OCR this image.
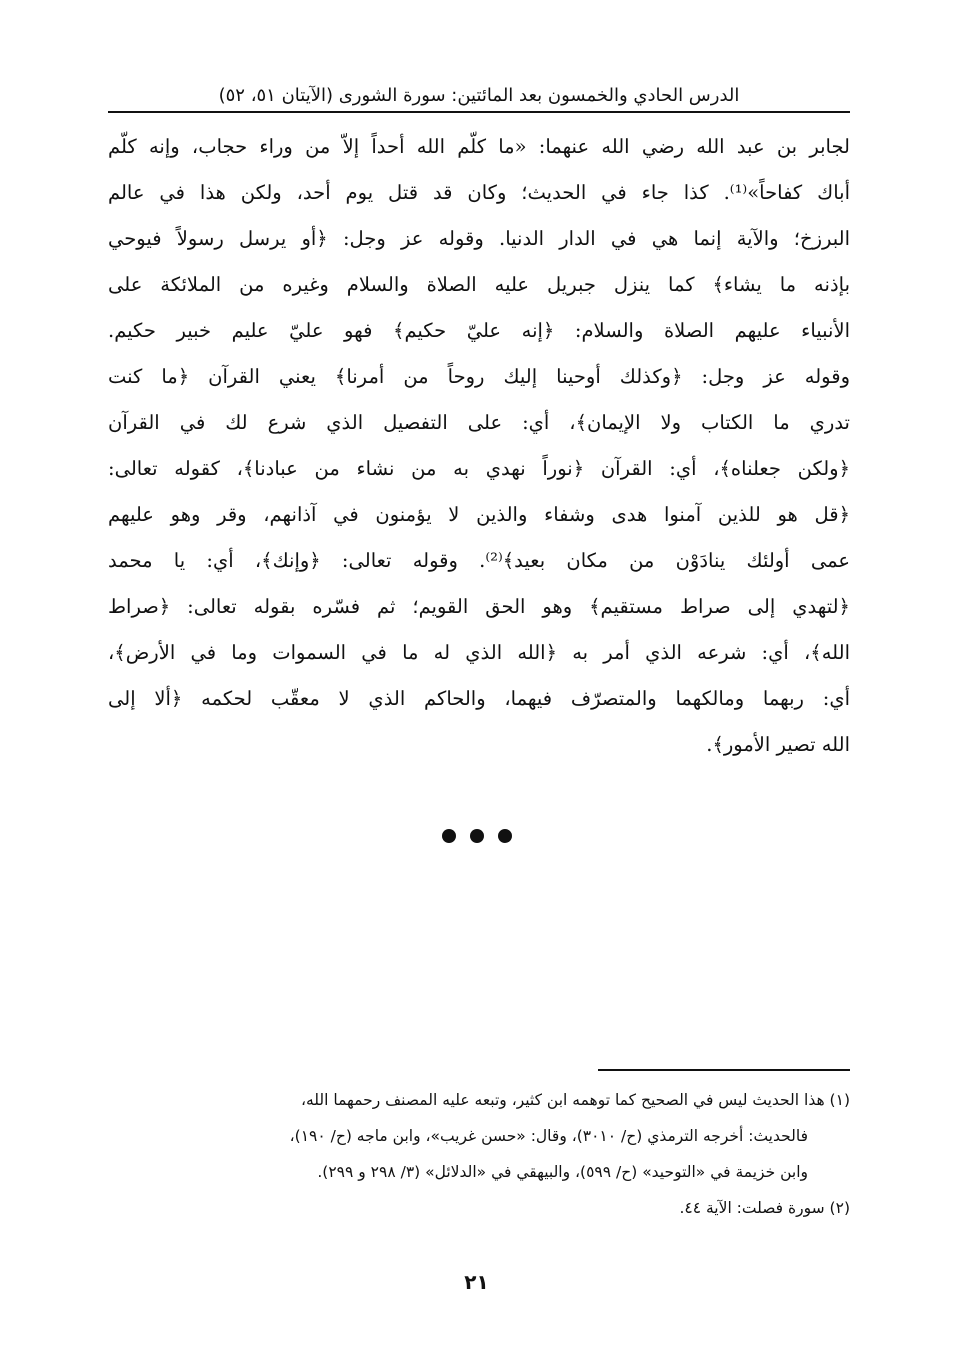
الدرس الحادي والخمسون بعد المائتين: سورة الشورى (الآيتان ٥١، ٥٢)
لجابر بن عبد الله رضي الله عنهما: «ما كلّم الله أحداً إلاّ من وراء حجاب، وإنه كلّم
أباك كفاحاً»⁽¹⁾. كذا جاء في الحديث؛ وكان قد قتل يوم أحد، ولكن هذا في عالم
البرزخ؛ والآية إنما هي في الدار الدنيا. وقوله عز وجل: ﴿أو يرسل رسولاً فيوحي
بإذنه ما يشاء﴾ كما ينزل جبريل عليه الصلاة والسلام وغيره من الملائكة على
الأنبياء عليهم الصلاة والسلام: ﴿إنه عليّ حكيم﴾ فهو عليّ عليم خبير حكيم.
وقوله عز وجل: ﴿وكذلك أوحينا إليك روحاً من أمرنا﴾ يعني القرآن ﴿ما كنت
تدري ما الكتاب ولا الإيمان﴾، أي: على التفصيل الذي شرع لك في القرآن
﴿ولكن جعلناه﴾، أي: القرآن ﴿نوراً نهدي به من نشاء من عبادنا﴾، كقوله تعالى:
﴿قل هو للذين آمنوا هدى وشفاء والذين لا يؤمنون في آذانهم، وقر وهو عليهم
عمى أولئك ينادَوْن من مكان بعيد﴾⁽²⁾. وقوله تعالى: ﴿وإنك﴾، أي: يا محمد
﴿لتهدي إلى صراط مستقيم﴾ وهو الحق القويم؛ ثم فسّره بقوله تعالى: ﴿صراط
الله﴾، أي: شرعه الذي أمر به ﴿الله الذي له ما في السموات وما في الأرض﴾،
أي: ربهما ومالكهما والمتصرّف فيهما، والحاكم الذي لا معقّب لحكمه ﴿ألا إلى
الله تصير الأمور﴾.
(١) هذا الحديث ليس في الصحيح كما توهمه ابن كثير، وتبعه عليه المصنف رحمهما الله،
فالحديث: أخرجه الترمذي (ح/ ٣٠١٠)، وقال: «حسن غريب»، وابن ماجه (ح/ ١٩٠)،
وابن خزيمة في «التوحيد» (ح/ ٥٩٩)، والبيهقي في «الدلائل» (٣/ ٢٩٨ و ٢٩٩).
(٢) سورة فصلت: الآية ٤٤.
٢١
